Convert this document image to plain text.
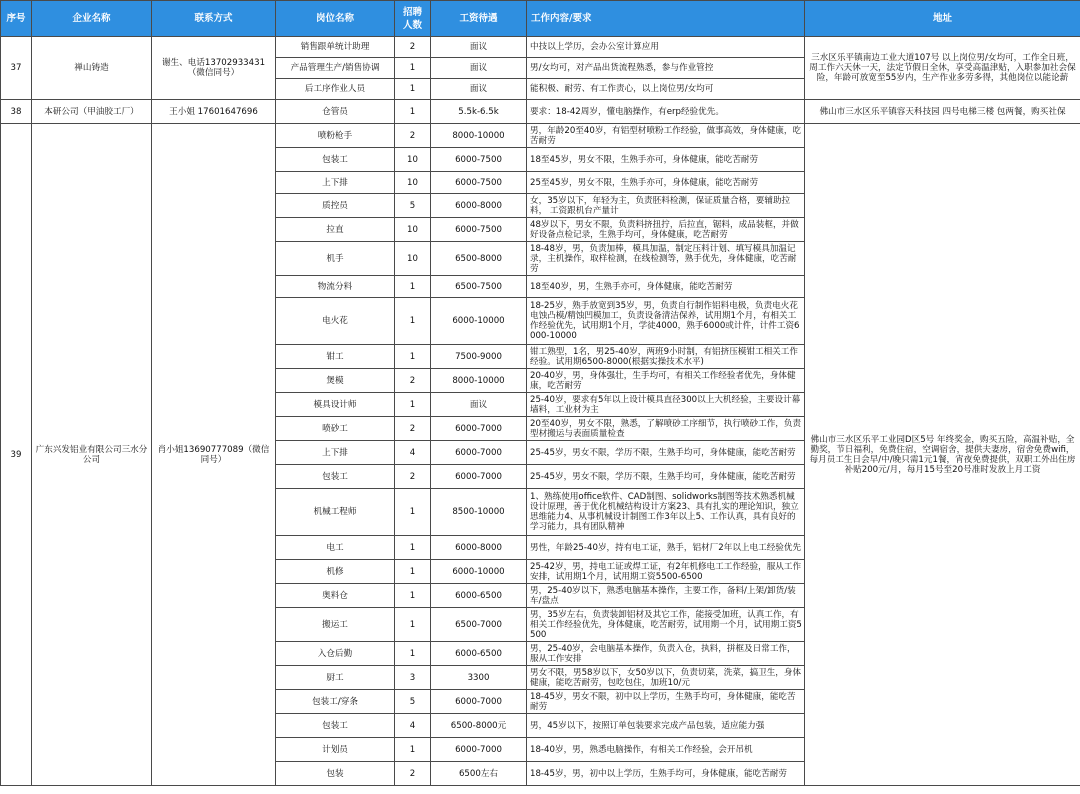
序号	企业名称	联系方式	岗位名称	招聘人数	工资待遇	工作内容/要求	地址
37	禅山铸造	谢生、电话13702933431（微信同号）	销售跟单统计助理	2	面议	中技以上学历，会办公室计算应用	三水区乐平镇南边工业大道107号 以上岗位男/女均可，工作全日班，周工作六天休一天，法定节假日全休，享受高温津贴，入职参加社会保险，年龄可放宽至55岁内，生产作业多劳多得，其他岗位以能论薪
			产品管理生产/销售协调	1	面议	男/女均可，对产品出货流程熟悉，参与作业管控	
			后工序作业人员	1	面议	能积极、耐劳、有工作责心，以上岗位男/女均可	
38	本研公司（甲油胶工厂）	王小姐 17601647696	仓管员	1	5.5k-6.5k	要求：18-42周岁，懂电脑操作，有erp经验优先。	佛山市三水区乐平镇容天科技园 四号电梯三楼 包两餐，购买社保
39	广东兴发铝业有限公司三水分公司	肖小姐13690777089（微信同号）	喷粉枪手	2	8000-10000	男，年龄20至40岁，有铝型材喷粉工作经验，做事高效，身体健康，吃苦耐劳	佛山市三水区乐平工业园D区5号 年终奖金，购买五险，高温补贴，全勤奖，节日福利，免费住宿，空调宿舍，提供夫妻房，宿舍免费wifi，每月员工生日会早/中/晚只需1元1餐，宵夜免费提供，双职工外出住房补贴200元/月，每月15号至20号准时发放上月工资
			包装工	10	6000-7500	18至45岁，男女不限，生熟手亦可，身体健康，能吃苦耐劳	
			上下排	10	6000-7500	25至45岁，男女不限，生熟手亦可，身体健康，能吃苦耐劳	
			质控员	5	6000-8000	女，35岁以下，年轻为主，负责胚料检测，保证质量合格，要辅助拉料， 工资跟机台产量计	
			拉直	10	6000-7500	48岁以下，男女不限，负责料挤扭拧，后拉直，锯料，成品装框，并做好设备点检记录，生熟手均可，身体健康，吃苦耐劳	
			机手	10	6500-8000	18-48岁，男，负责加棒，模具加温，制定压料计划、填写模具加温记录，主机操作，取样检测，在线检测等，熟手优先，身体健康，吃苦耐劳	
			物流分料	1	6500-7500	18至40岁，男，生熟手亦可，身体健康，能吃苦耐劳	
			电火花	1	6000-10000	18-25岁，熟手放宽到35岁，男，负责自行制作铝料电极，负责电火花电蚀凸模/精蚀凹模加工，负责设备清洁保养，试用期1个月，有相关工作经验优先，试用期1个月，学徒4000，熟手6000或计件，计件工资6000-10000	
			钳工	1	7500-9000	钳工熟型，1名，男25-40岁，两班9小时制，有铝挤压模钳工相关工作经验。试用期6500-8000(根据实操技术水平)	
			煲模	2	8000-10000	20-40岁，男，身体强壮，生手均可，有相关工作经验者优先，身体健康，吃苦耐劳	
			模具设计师	1	面议	25-40岁，要求有5年以上设计模具直径300以上大机经验，主要设计幕墙料，工业材为主	
			喷砂工	2	6000-7000	20至40岁，男女不限，熟悉，了解喷砂工序细节，执行喷砂工作，负责型材搬运与表面质量检查	
			上下排	4	6000-7000	25-45岁，男女不限，学历不限，生熟手均可，身体健康，能吃苦耐劳	
			包装工	2	6000-7000	25-45岁，男女不限，学历不限，生熟手均可，身体健康，能吃苦耐劳	
			机械工程师	1	8500-10000	1、熟练使用office软件、CAD制图、solidworks制图等技术熟悉机械设计原理，善于优化机械结构设计方案23、具有扎实的理论知识，独立思维能力4、从事机械设计制图工作3年以上5、工作认真，具有良好的学习能力，具有团队精神	
			电工	1	6000-8000	男性，年龄25-40岁，持有电工证，熟手，铝材厂2年以上电工经验优先	
			机修	1	6000-10000	25-42岁，男，持电工证或焊工证，有2年机修电工工作经验，服从工作安排，试用期1个月，试用期工资5500-6500	
			奥料仓	1	6000-6500	男，25-40岁以下，熟悉电脑基本操作，主要工作，备料/上架/卸货/装车/盘点	
			搬运工	1	6500-7000	男，35岁左右，负责装卸铝材及其它工作，能接受加班，认真工作，有相关工作经验优先，身体健康，吃苦耐劳，试用期一个月，试用期工资5500	
			入仓后勤	1	6000-6500	男，25-40岁，会电脑基本操作，负责入仓，执料，拼框及日常工作，服从工作安排	
			厨工	3	3300	男女不限，男58岁以下，女50岁以下，负责切菜，洗菜，搞卫生，身体健康，能吃苦耐劳，包吃包住，加班10/元	
			包装工/穿条	5	6000-7000	18-45岁，男女不限，初中以上学历，生熟手均可，身体健康，能吃苦耐劳	
			包装工	4	6500-8000元	男，45岁以下，按照订单包装要求完成产品包装，适应能力强	
			计划员	1	6000-7000	18-40岁，男，熟悉电脑操作，有相关工作经验，会开吊机	
			包装	2	6500左右	18-45岁，男，初中以上学历，生熟手均可，身体健康，能吃苦耐劳	
